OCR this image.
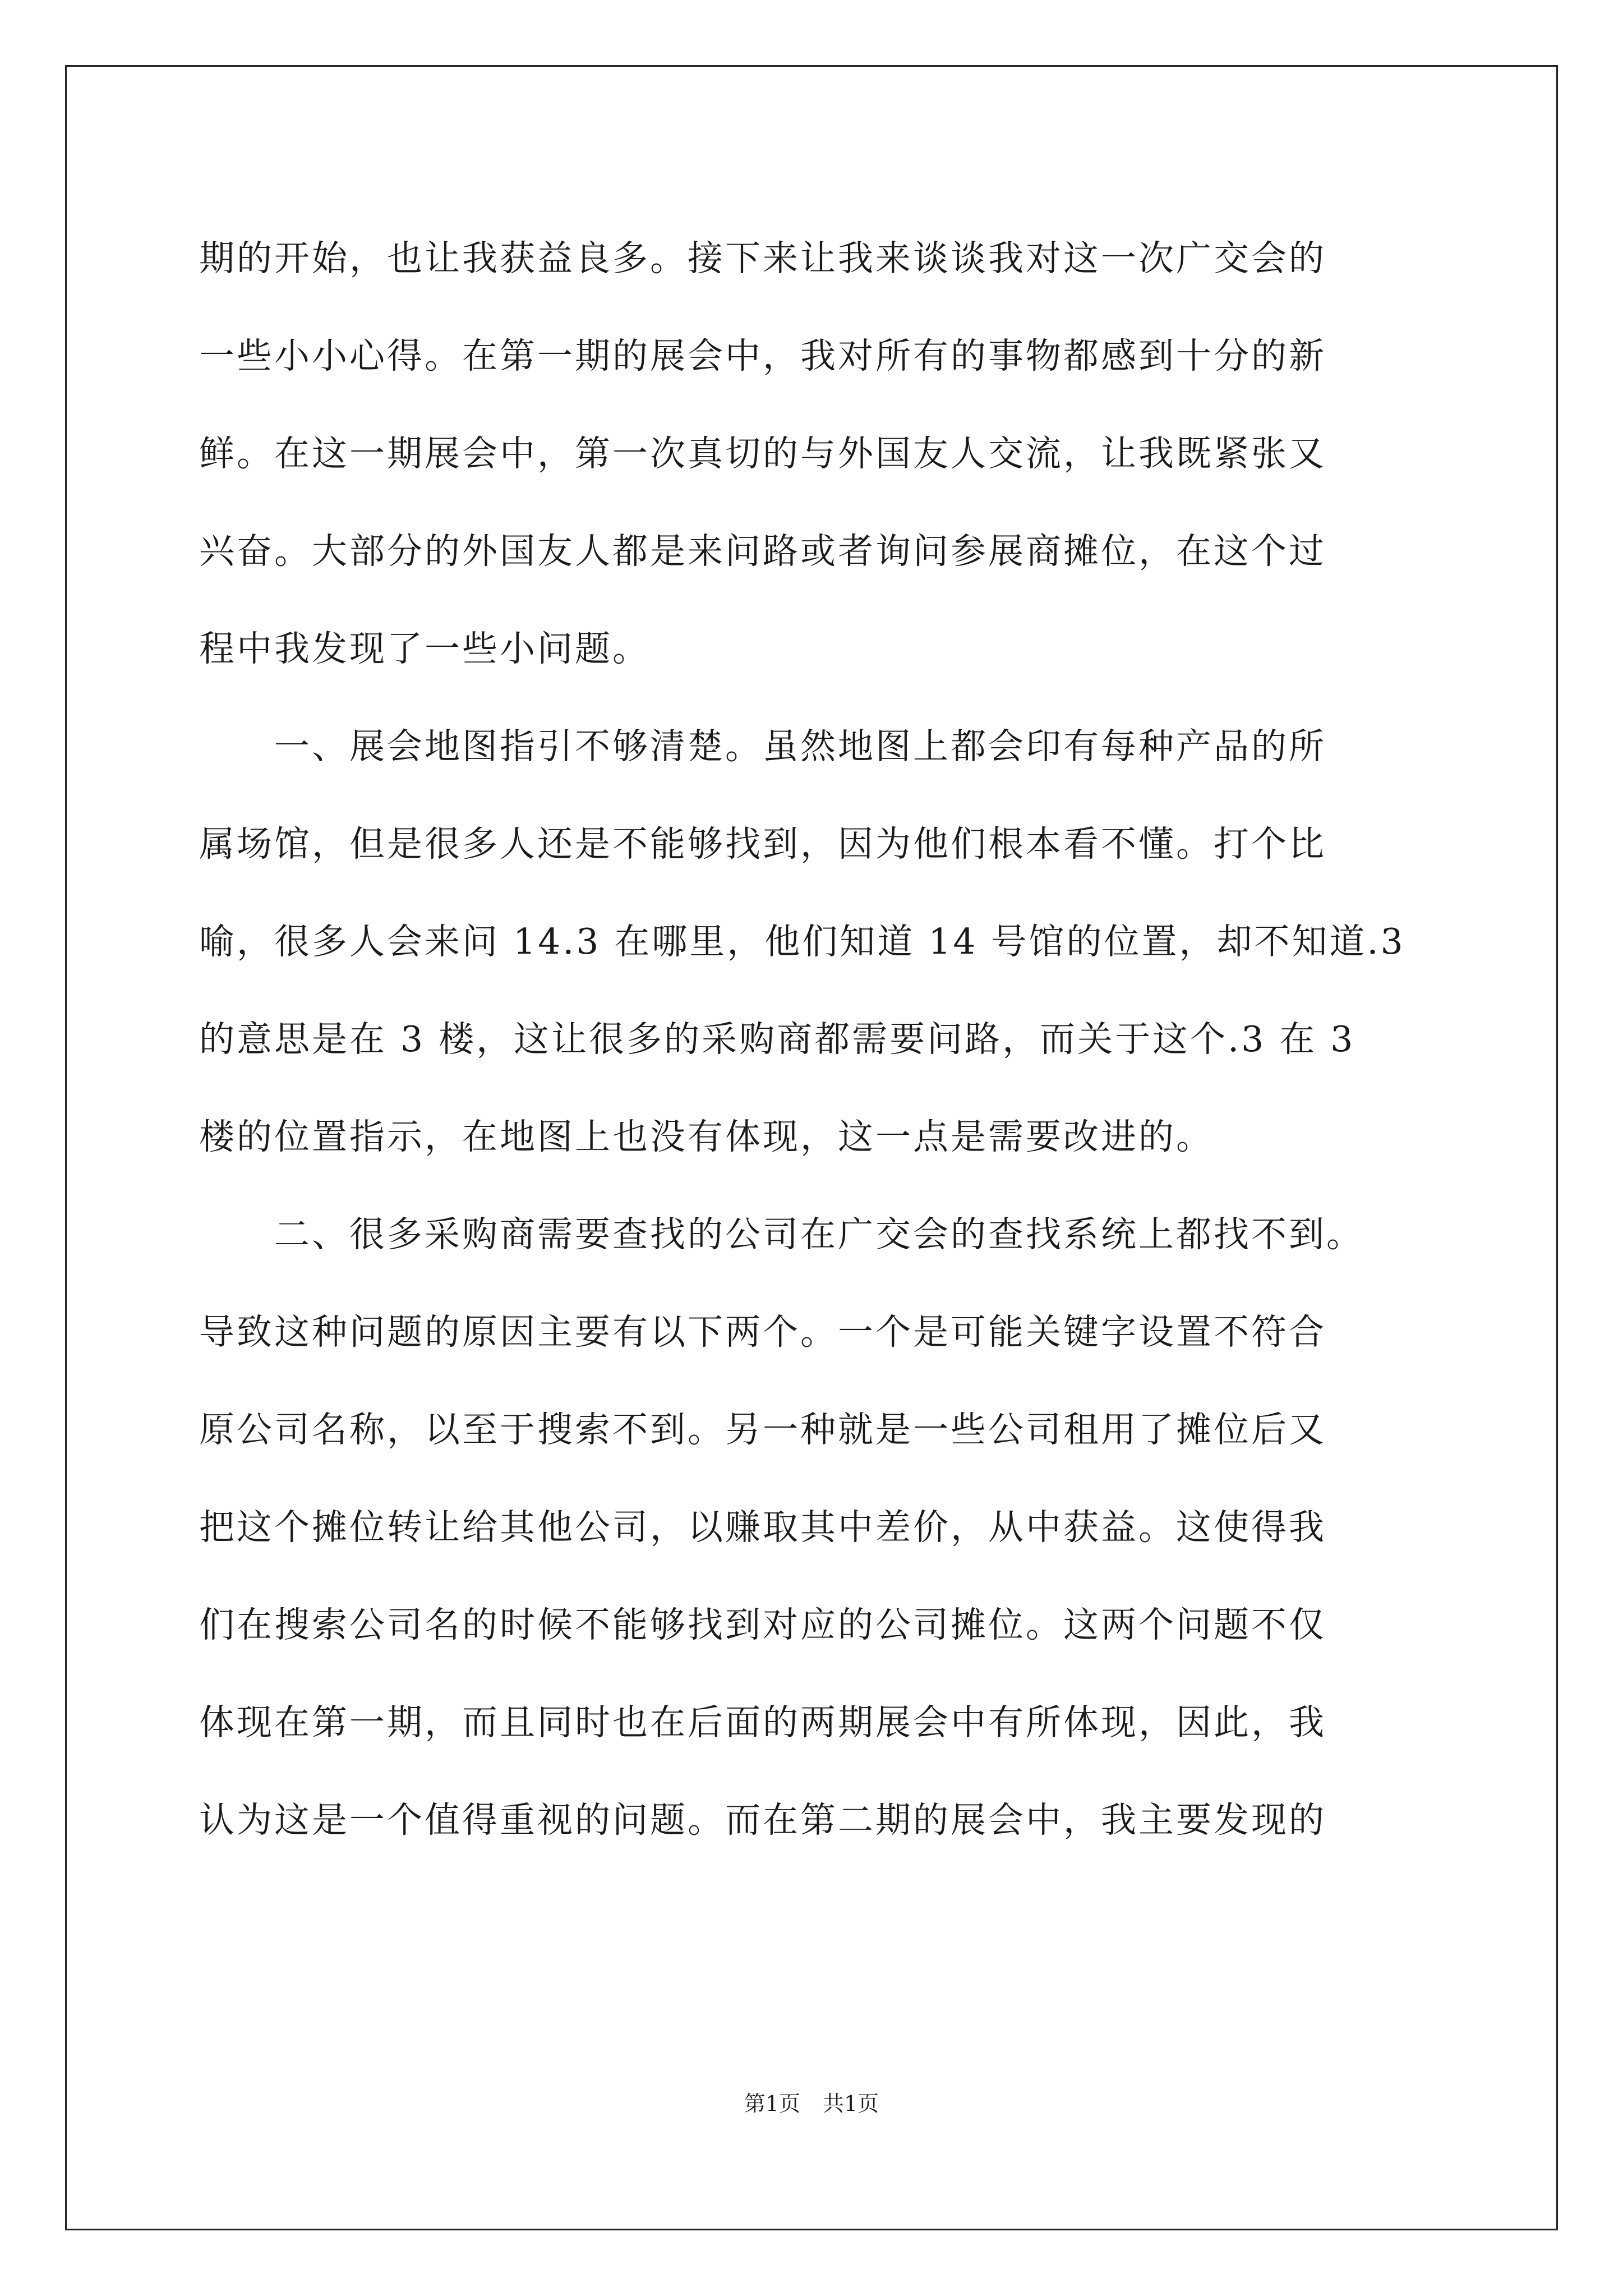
期的开始，也让我获益良多。接下来让我来谈谈我对这一次广交会的
一些小小心得。在第一期的展会中，我对所有的事物都感到十分的新
鲜。在这一期展会中，第一次真切的与外国友人交流，让我既紧张又
兴奋。大部分的外国友人都是来问路或者询问参展商摊位，在这个过
程中我发现了一些小问题。
　　一、展会地图指引不够清楚。虽然地图上都会印有每种产品的所
属场馆，但是很多人还是不能够找到，因为他们根本看不懂。打个比
喻，很多人会来问 14.3 在哪里，他们知道 14 号馆的位置，却不知道.3
的意思是在 3 楼，这让很多的采购商都需要问路，而关于这个.3 在 3
楼的位置指示，在地图上也没有体现，这一点是需要改进的。
　　二、很多采购商需要查找的公司在广交会的查找系统上都找不到。
导致这种问题的原因主要有以下两个。一个是可能关键字设置不符合
原公司名称，以至于搜索不到。另一种就是一些公司租用了摊位后又
把这个摊位转让给其他公司，以赚取其中差价，从中获益。这使得我
们在搜索公司名的时候不能够找到对应的公司摊位。这两个问题不仅
体现在第一期，而且同时也在后面的两期展会中有所体现，因此，我
认为这是一个值得重视的问题。而在第二期的展会中，我主要发现的
第1页 共1页
